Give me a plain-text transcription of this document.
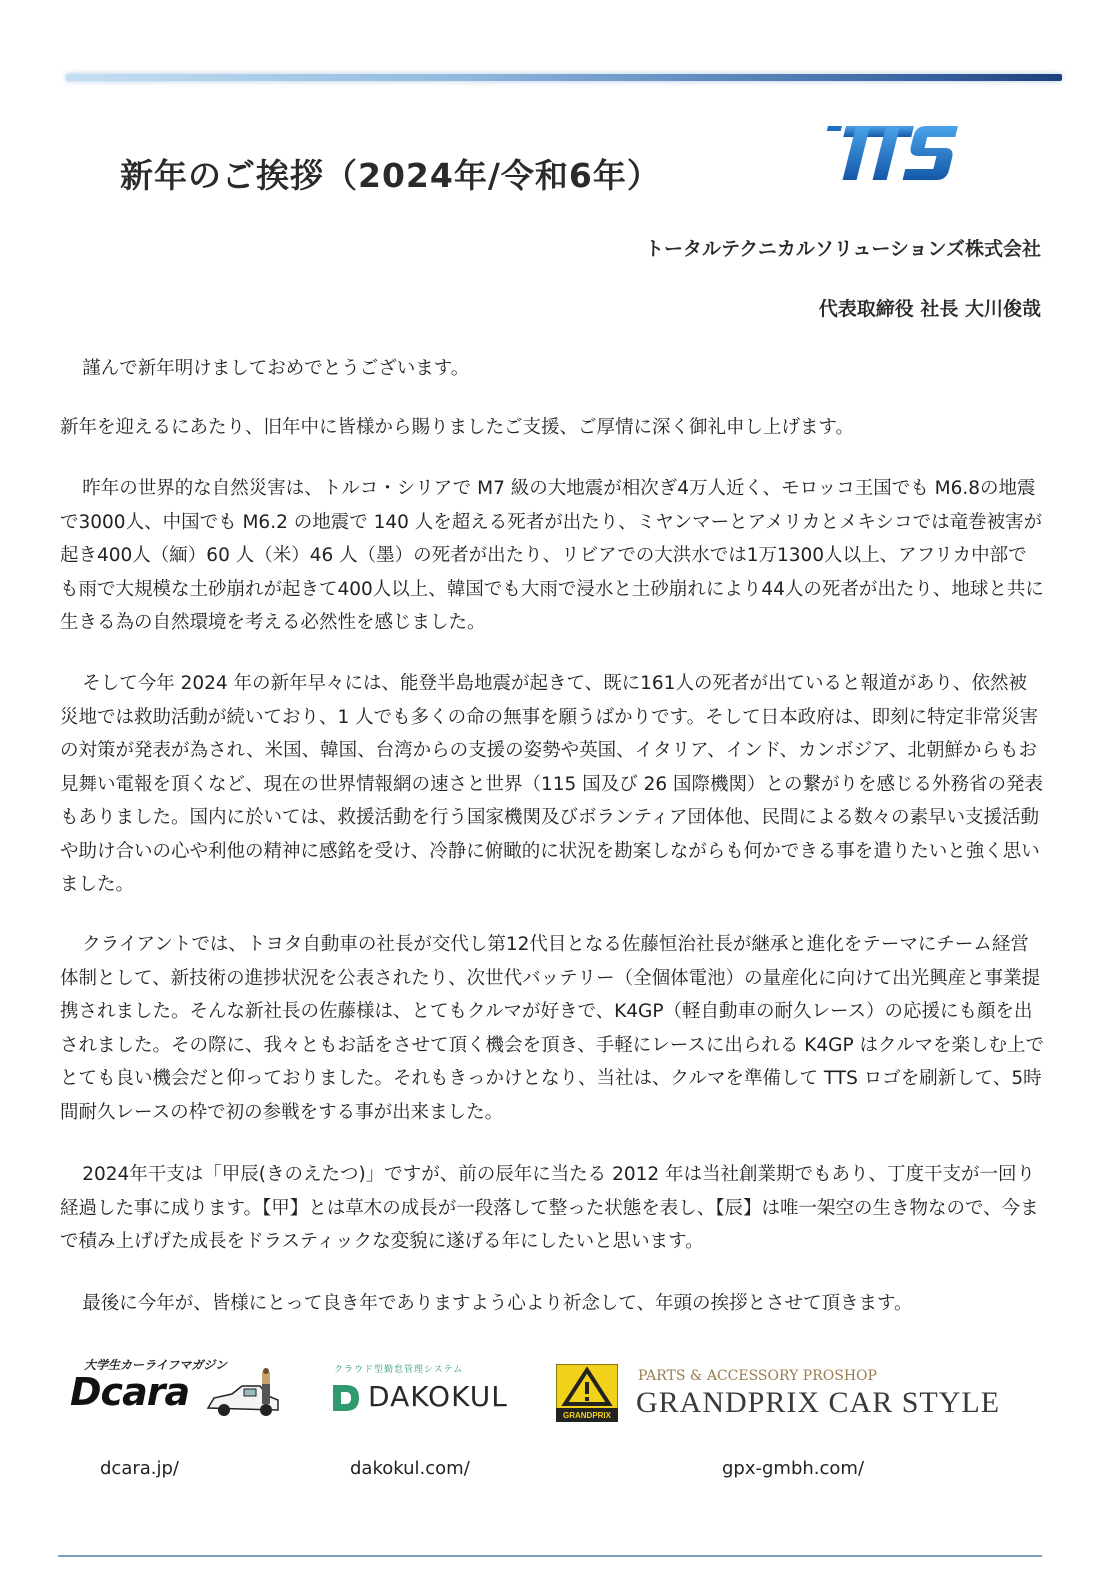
新年のご挨拶（2024年/令和6年）
トータルテクニカルソリューションズ株式会社
代表取締役 社長 大川俊哉

謹んで新年明けましておめでとうございます。

新年を迎えるにあたり、旧年中に皆様から賜りましたご支援、ご厚情に深く御礼申し上げます。

昨年の世界的な自然災害は、トルコ・シリアで M7 級の大地震が相次ぎ4万人近く、モロッコ王国でも M6.8の地震で3000人、中国でも M6.2 の地震で 140 人を超える死者が出たり、ミヤンマーとアメリカとメキシコでは竜巻被害が起き400人（緬）60 人（米）46 人（墨）の死者が出たり、リビアでの大洪水では1万1300人以上、アフリカ中部でも雨で大規模な土砂崩れが起きて400人以上、韓国でも大雨で浸水と土砂崩れにより44人の死者が出たり、地球と共に生きる為の自然環境を考える必然性を感じました。

そして今年 2024 年の新年早々には、能登半島地震が起きて、既に161人の死者が出ていると報道があり、依然被災地では救助活動が続いており、1 人でも多くの命の無事を願うばかりです。そして日本政府は、即刻に特定非常災害の対策が発表が為され、米国、韓国、台湾からの支援の姿勢や英国、イタリア、インド、カンボジア、北朝鮮からもお見舞い電報を頂くなど、現在の世界情報網の速さと世界（115 国及び 26 国際機関）との繋がりを感じる外務省の発表もありました。国内に於いては、救援活動を行う国家機関及びボランティア団体他、民間による数々の素早い支援活動や助け合いの心や利他の精神に感銘を受け、冷静に俯瞰的に状況を勘案しながらも何かできる事を遣りたいと強く思いました。

クライアントでは、トヨタ自動車の社長が交代し第12代目となる佐藤恒治社長が継承と進化をテーマにチーム経営体制として、新技術の進捗状況を公表されたり、次世代バッテリー（全個体電池）の量産化に向けて出光興産と事業提携されました。そんな新社長の佐藤様は、とてもクルマが好きで、K4GP（軽自動車の耐久レース）の応援にも顔を出されました。その際に、我々ともお話をさせて頂く機会を頂き、手軽にレースに出られる K4GP はクルマを楽しむ上でとても良い機会だと仰っておりました。それもきっかけとなり、当社は、クルマを準備して TTS ロゴを刷新して、5時間耐久レースの枠で初の参戦をする事が出来ました。

2024年干支は「甲辰(きのえたつ)」ですが、前の辰年に当たる 2012 年は当社創業期でもあり、丁度干支が一回り経過した事に成ります。【甲】とは草木の成長が一段落して整った状態を表し、【辰】は唯一架空の生き物なので、今まで積み上げげた成長をドラスティックな変貌に遂げる年にしたいと思います。

最後に今年が、皆様にとって良き年でありますよう心より祈念して、年頭の挨拶とさせて頂きます。

大学生カーライフマガジン
Dcara	クラウド型勤怠管理システム
DAKOKUL
GRANDPRIX
PARTS & ACCESSORY PROSHOP
GRANDPRIX CAR STYLE
dcara.jp/	dakokul.com/	gpx-gmbh.com/
